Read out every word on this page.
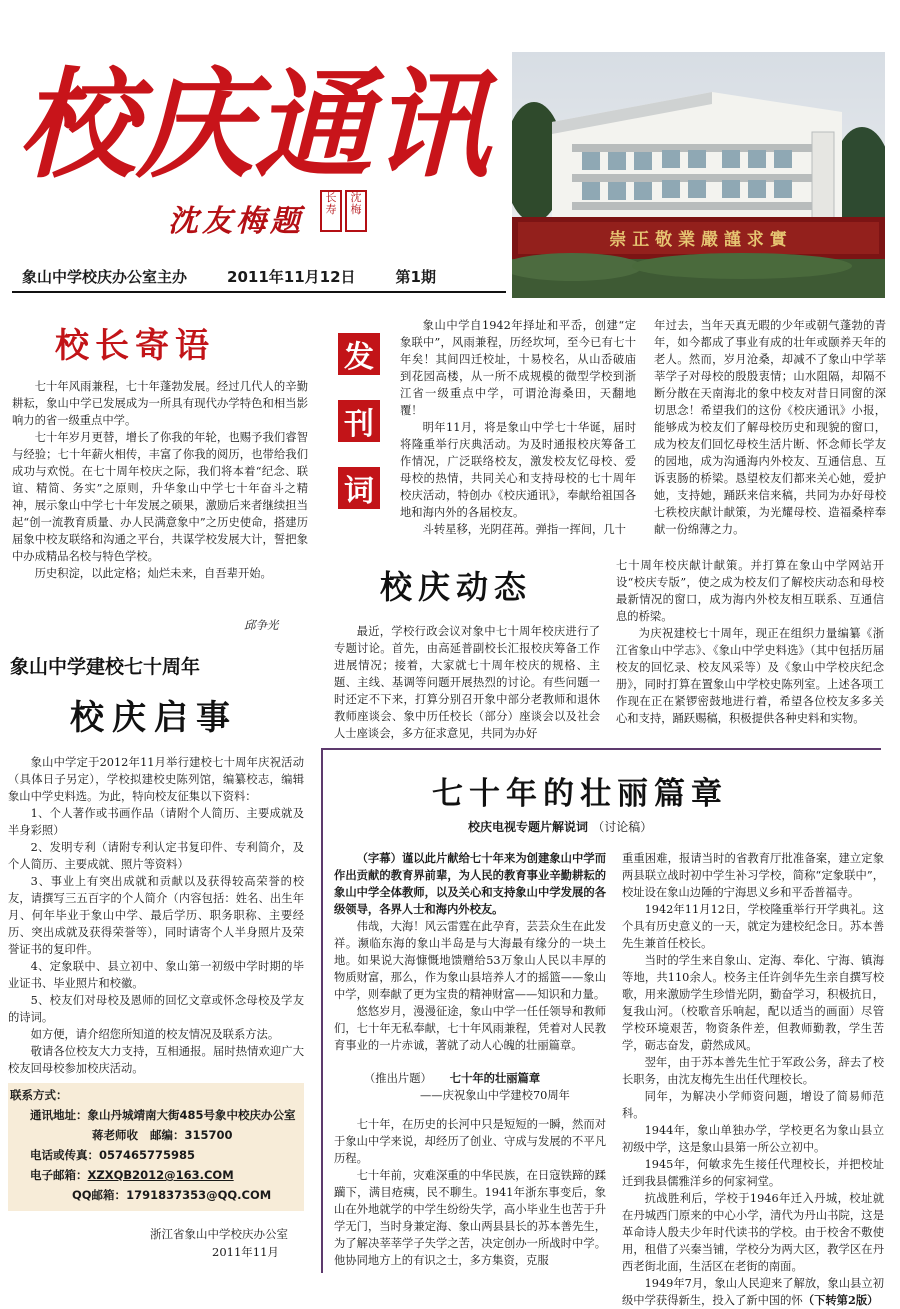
校庆通讯
沈友梅题
长寿
沈梅
象山中学校庆办公室主办	2011年11月12日	第1期
崇 正 敬 業 嚴 謹 求 實
校长寄语

七十年风雨兼程，七十年蓬勃发展。经过几代人的辛勤耕耘，象山中学已发展成为一所具有现代办学特色和相当影响力的省一级重点中学。

七十年岁月更替，增长了你我的年轮，也赐予我们睿智与经验；七十年薪火相传，丰富了你我的阅历，也带给我们成功与欢悦。在七十周年校庆之际，我们将本着“纪念、联谊、精简、务实”之原则，升华象山中学七十年奋斗之精神，展示象山中学七十年发展之硕果，激励后来者继续担当起“创一流教育质量、办人民满意象中”之历史使命，搭建历届象中校友联络和沟通之平台，共谋学校发展大计，誓把象中办成精品名校与特色学校。

历史积淀，以此定格；灿烂未来，自吾辈开始。

邱争光
发
刊
词

象山中学自1942年择址和平岙，创建“定象联中”，风雨兼程，历经坎坷，至今已有七十年矣！其间四迁校址，十易校名，从山岙破庙到花园高楼，从一所不成规模的微型学校到浙江省一级重点中学，可谓沧海桑田，天翻地覆！

明年11月，将是象山中学七十华诞，届时将隆重举行庆典活动。为及时通报校庆筹备工作情况，广泛联络校友，激发校友忆母校、爱母校的热情，共同关心和支持母校的七十周年校庆活动，特创办《校庆通讯》，奉献给祖国各地和海内外的各届校友。

斗转星移，光阴荏苒。弹指一挥间，几十

年过去，当年天真无暇的少年或朝气蓬勃的青年，如今都成了事业有成的壮年或颐养天年的老人。然而，岁月沧桑，却减不了象山中学莘莘学子对母校的殷殷衷情；山水阻隔，却隔不断分散在天南海北的象中校友对昔日同窗的深切思念！希望我们的这份《校庆通讯》小报，能够成为校友们了解母校历史和现貌的窗口，成为校友们回忆母校生活片断、怀念师长学友的园地，成为沟通海内外校友、互通信息、互诉衷肠的桥梁。恳望校友们都来关心她，爱护她，支持她，踊跃来信来稿，共同为办好母校七秩校庆献计献策，为光耀母校、造福桑梓奉献一份绵薄之力。

校庆动态

最近，学校行政会议对象中七十周年校庆进行了专题讨论。首先，由高延普副校长汇报校庆筹备工作进展情况；接着，大家就七十周年校庆的规格、主题、主线、基调等问题开展热烈的讨论。有些问题一时还定不下来，打算分别召开象中部分老教师和退休教师座谈会、象中历任校长（部分）座谈会以及社会人士座谈会，多方征求意见，共同为办好

七十周年校庆献计献策。并打算在象山中学网站开设“校庆专版”，使之成为校友们了解校庆动态和母校最新情况的窗口，成为海内外校友相互联系、互通信息的桥梁。

为庆祝建校七十周年，现正在组织力量编纂《浙江省象山中学志》、《象山中学史料选》（其中包括历届校友的回忆录、校友风采等）及《象山中学校庆纪念册》，同时打算在置象山中学校史陈列室。上述各项工作现在正在紧锣密鼓地进行着，希望各位校友多多关心和支持，踊跃赐稿，积极提供各种史料和实物。

象山中学建校七十周年
校庆启事

象山中学定于2012年11月举行建校七十周年庆祝活动（具体日子另定），学校拟建校史陈列馆，编纂校志，编辑象山中学史料选。为此，特向校友征集以下资料：

1、个人著作或书画作品（请附个人简历、主要成就及半身彩照）

2、发明专利（请附专利认定书复印件、专利简介，及个人简历、主要成就、照片等资料）

3、事业上有突出成就和贡献以及获得较高荣誉的校友，请撰写三五百字的个人简介（内容包括：姓名、出生年月、何年毕业于象山中学、最后学历、职务职称、主要经历、突出成就及获得荣誉等），同时请寄个人半身照片及荣誉证书的复印件。

4、定象联中、县立初中、象山第一初级中学时期的毕业证书、毕业照片和校徽。

5、校友们对母校及恩师的回忆文章或怀念母校及学友的诗词。

如方便，请介绍您所知道的校友情况及联系方法。

敬请各位校友大力支持，互相通报。届时热情欢迎广大校友回母校参加校庆活动。

联系方式：
通讯地址：象山丹城靖南大街485号象中校庆办公室
蒋老师收 邮编：315700
电话或传真：057465775985
电子邮箱：XZXQB2012@163.COM
QQ邮箱：1791837353@QQ.COM
浙江省象山中学校庆办公室
2011年11月
七十年的壮丽篇章
校庆电视专题片解说词 （讨论稿）

（字幕）谨以此片献给七十年来为创建象山中学而作出贡献的教育界前辈，为人民的教育事业辛勤耕耘的象山中学全体教师，以及关心和支持象山中学发展的各级领导，各界人士和海内外校友。

伟哉，大海！风云雷霆在此孕育，芸芸众生在此发祥。濒临东海的象山半岛是与大海最有缘分的一块土地。如果说大海慷慨地馈赠给53万象山人民以丰厚的物质财富，那么，作为象山县培养人才的摇篮——象山中学，则奉献了更为宝贵的精神财富——知识和力量。

悠悠岁月，漫漫征途，象山中学一任任领导和教师们，七十年无私奉献，七十年风雨兼程，凭着对人民教育事业的一片赤诚，著就了动人心魄的壮丽篇章。

（推出片题） 七十年的壮丽篇章
——庆祝象山中学建校70周年

七十年，在历史的长河中只是短短的一瞬，然而对于象山中学来说，却经历了创业、守成与发展的不平凡历程。

七十年前，灾难深重的中华民族，在日寇铁蹄的蹂躏下，满目疮痍，民不聊生。1941年浙东事变后，象山在外地就学的中学生纷纷失学，高小毕业生也苦于升学无门，当时身兼定海、象山两县县长的苏本善先生，为了解决莘莘学子失学之苦，决定创办一所战时中学。他协同地方上的有识之士，多方集资，克服

重重困难，报请当时的省教育厅批准备案，建立定象两县联立战时初中学生补习学校，简称“定象联中”，校址设在象山边陲的宁海思义乡和平岙普福寺。

1942年11月12日，学校隆重举行开学典礼。这个具有历史意义的一天，就定为建校纪念日。苏本善先生兼首任校长。

当时的学生来自象山、定海、奉化、宁海、镇海等地，共110余人。校务主任许剑华先生亲自撰写校歌，用来激励学生珍惜光阴，勤奋学习，积极抗日，复我山河。（校歌音乐响起，配以适当的画面）尽管学校环境艰苦，物资条件差，但教师勤教，学生苦学，砺志奋发，蔚然成风。

翌年，由于苏本善先生忙于军政公务，辞去了校长职务，由沈友梅先生出任代理校长。

同年，为解决小学师资问题，增设了简易师范科。

1944年，象山单独办学，学校更名为象山县立初级中学，这是象山县第一所公立初中。

1945年，何敏求先生接任代理校长，并把校址迁到我县儒雅洋乡的何家祠堂。

抗战胜利后，学校于1946年迁入丹城，校址就在丹城西门原来的中心小学，清代为丹山书院，这是革命诗人殷夫少年时代读书的学校。由于校舍不敷使用，租借了兴秦当铺，学校分为两大区，教学区在丹西老街北面，生活区在老街的南面。

1949年7月，象山人民迎来了解放，象山县立初级中学获得新生，投入了新中国的怀（下转第2版）
